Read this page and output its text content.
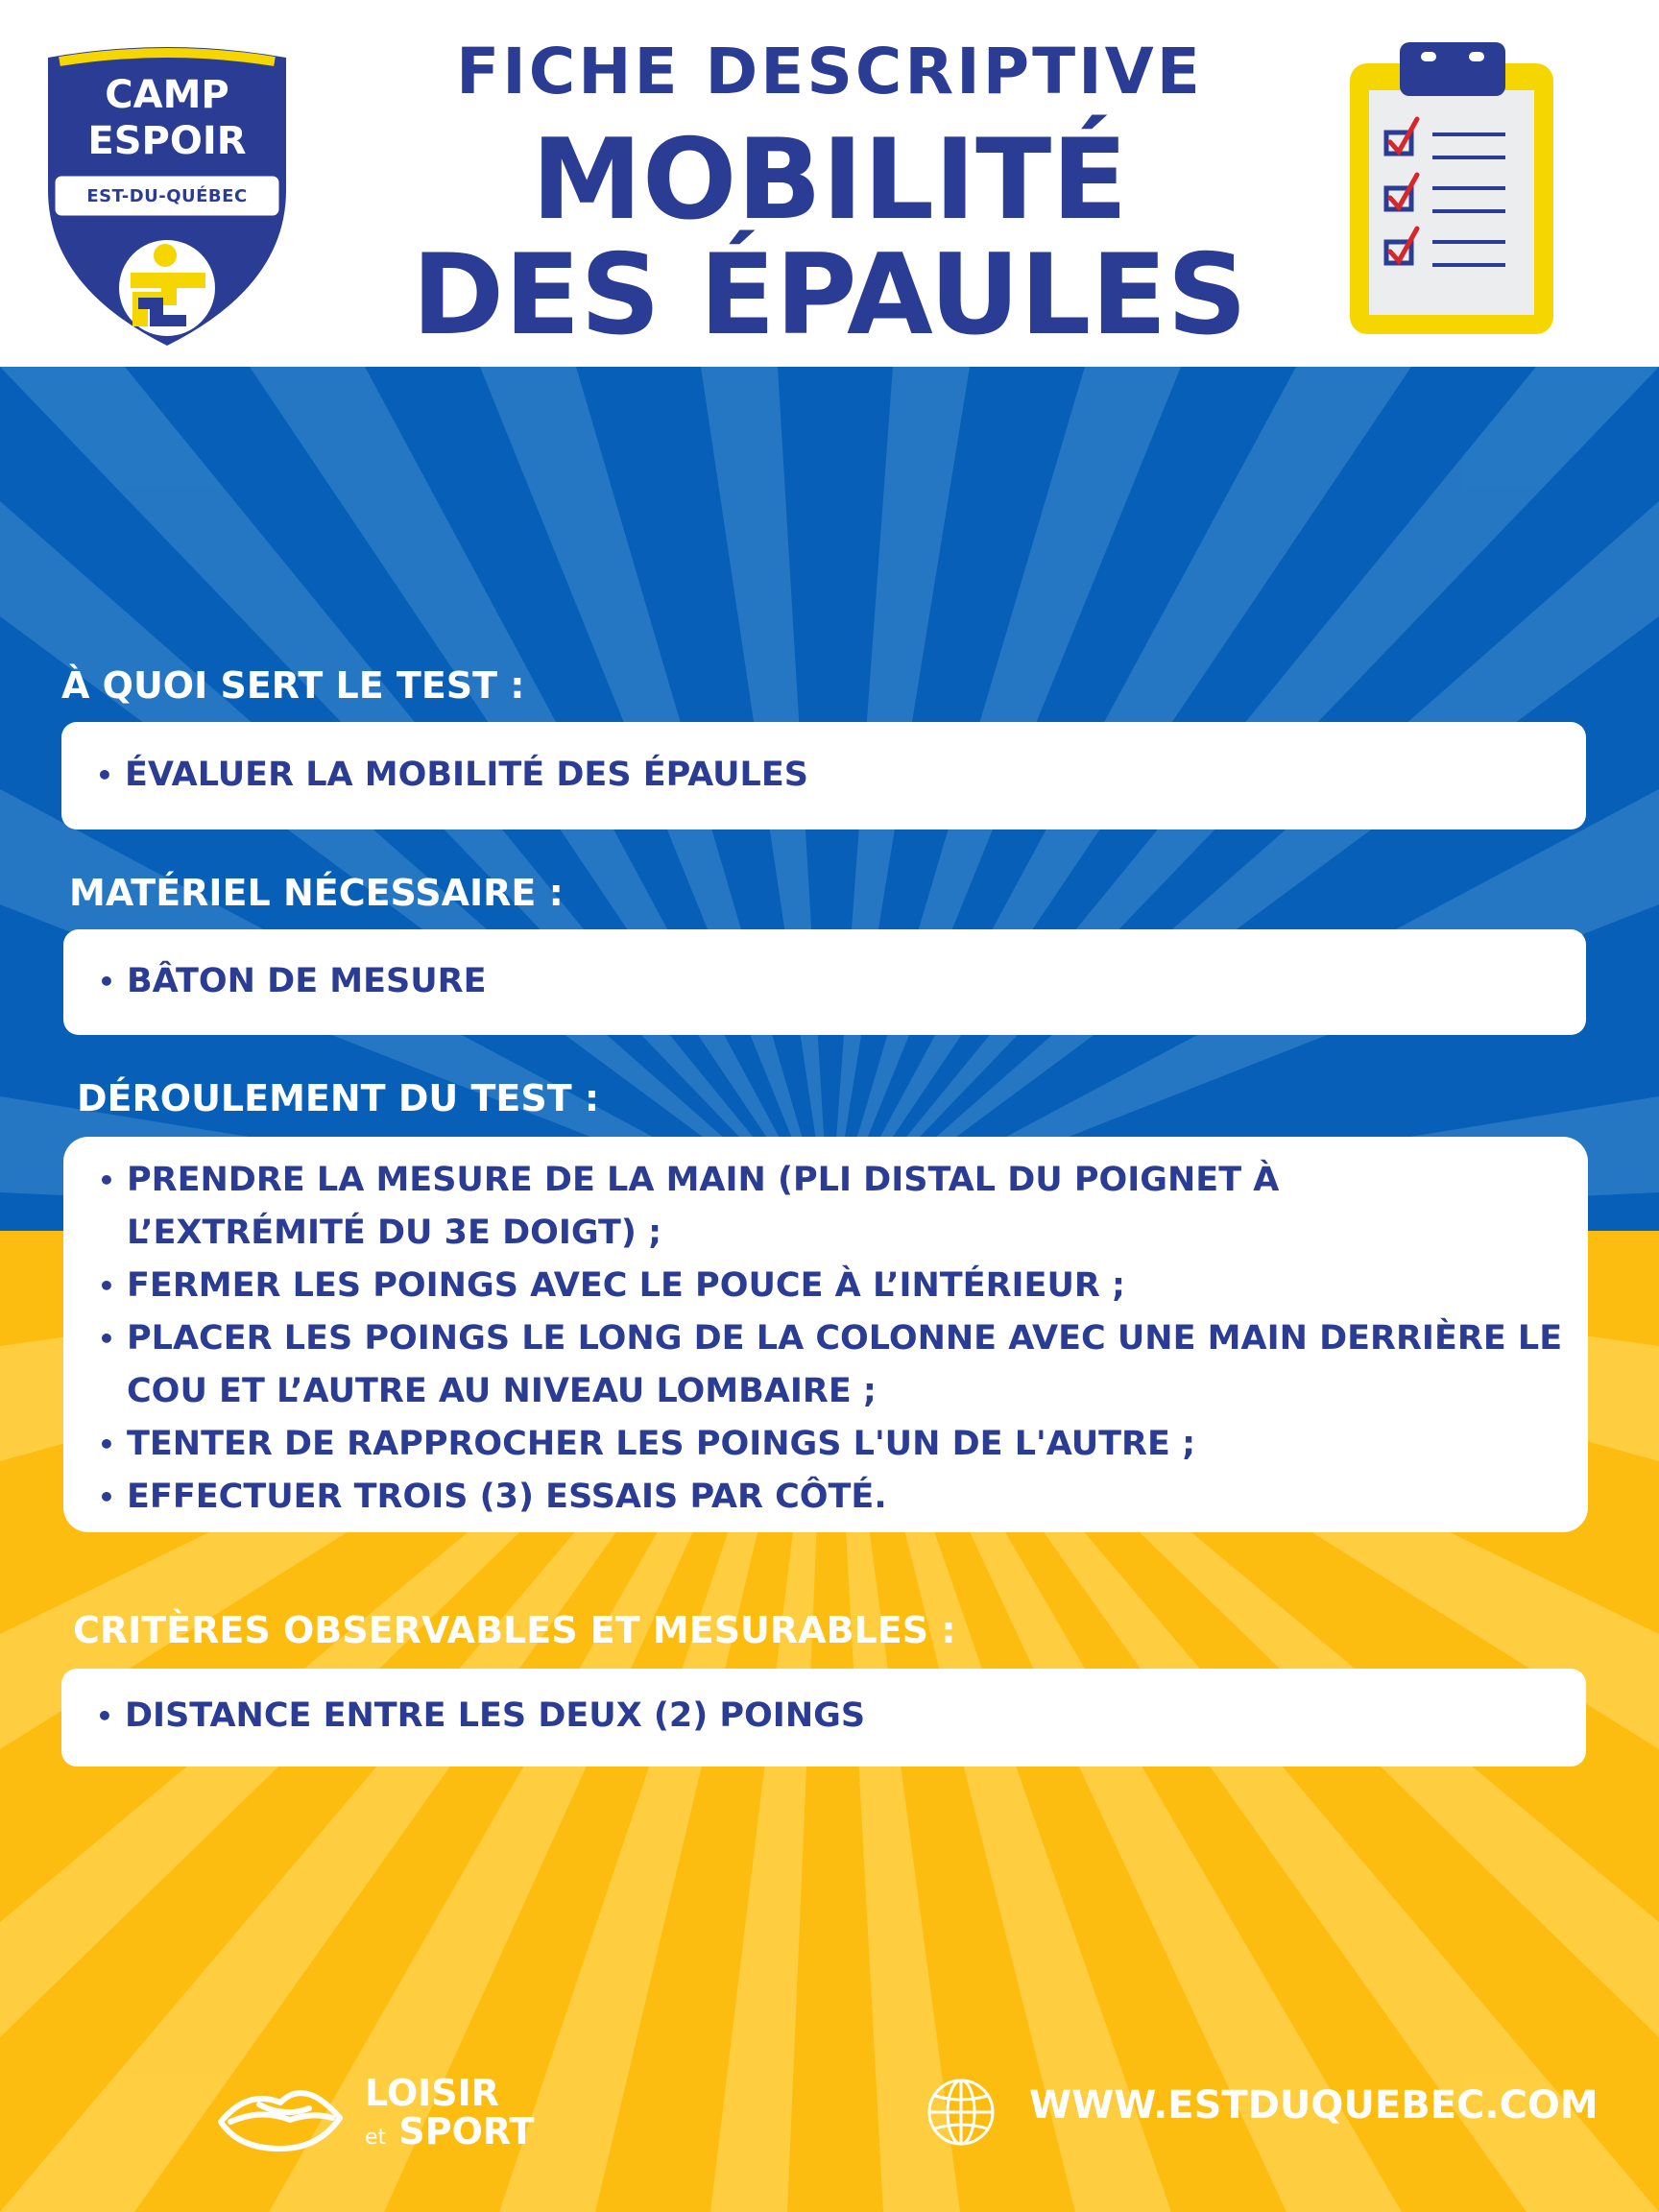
CAMP
ESPOIR
EST-DU-QUÉBEC
FICHE DESCRIPTIVE
MOBILITÉ
DES ÉPAULES
À QUOI SERT LE TEST :
• ÉVALUER LA MOBILITÉ DES ÉPAULES
MATÉRIEL NÉCESSAIRE :
• BÂTON DE MESURE
DÉROULEMENT DU TEST :
• PRENDRE LA MESURE DE LA MAIN (PLI DISTAL DU POIGNET À L’EXTRÉMITÉ DU 3E DOIGT) ;
• FERMER LES POINGS AVEC LE POUCE À L’INTÉRIEUR ;
• PLACER LES POINGS LE LONG DE LA COLONNE AVEC UNE MAIN DERRIÈRE LE COU ET L’AUTRE AU NIVEAU LOMBAIRE ;
• TENTER DE RAPPROCHER LES POINGS L'UN DE L'AUTRE ;
• EFFECTUER TROIS (3) ESSAIS PAR CÔTÉ.
CRITÈRES OBSERVABLES ET MESURABLES :
• DISTANCE ENTRE LES DEUX (2) POINGS
LOISIR
et SPORT
WWW.ESTDUQUEBEC.COM
